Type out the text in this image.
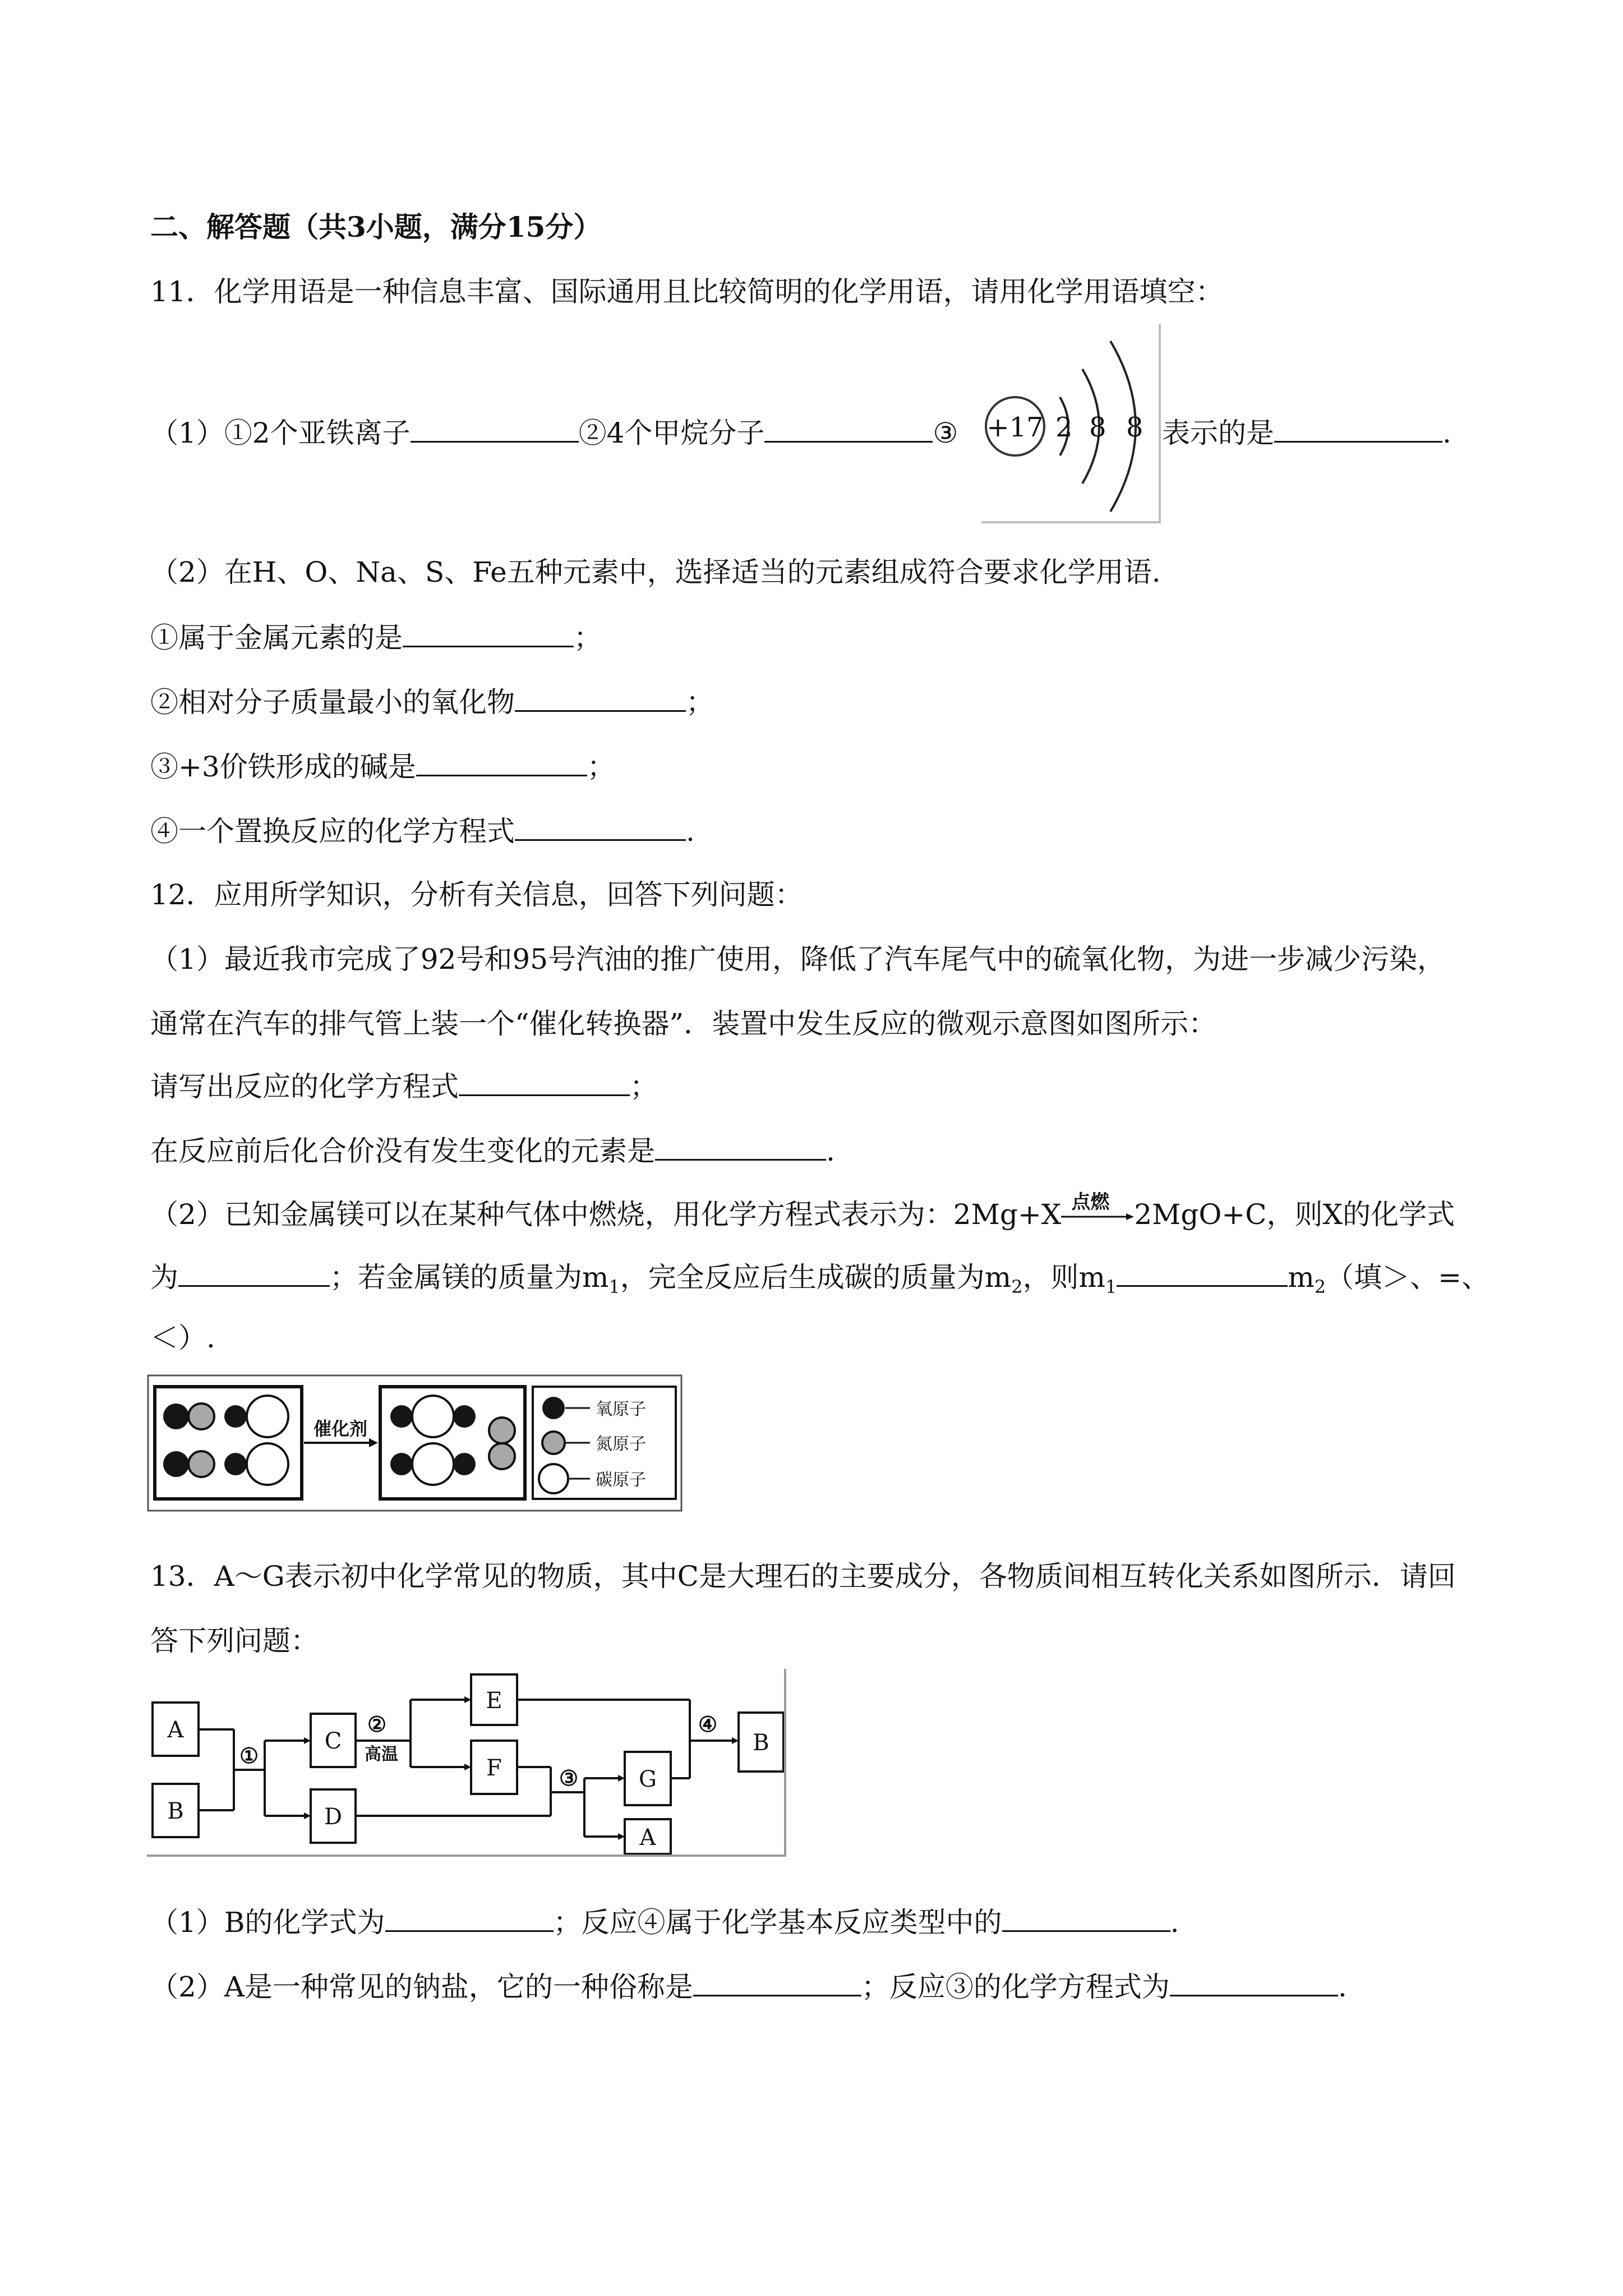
二、解答题（共3小题，满分15分）
11．化学用语是一种信息丰富、国际通用且比较简明的化学用语，请用化学用语填空：
（1）①2个亚铁离子	②4个甲烷分子	③ +17 2 8 8 表示的是	.
（2）在H、O、Na、S、Fe五种元素中，选择适当的元素组成符合要求化学用语.
①属于金属元素的是	；
②相对分子质量最小的氧化物	；
③+3价铁形成的碱是	；
④一个置换反应的化学方程式	.
12．应用所学知识，分析有关信息，回答下列问题：
（1）最近我市完成了92号和95号汽油的推广使用，降低了汽车尾气中的硫氧化物，为进一步减少污染，
通常在汽车的排气管上装一个“催化转换器”．装置中发生反应的微观示意图如图所示：
请写出反应的化学方程式	；
在反应前后化合价没有发生变化的元素是	.
（2）已知金属镁可以在某种气体中燃烧，用化学方程式表示为：2Mg+X 点燃 2MgO+C，则X的化学式
为	；若金属镁的质量为$m_1$，完全反应后生成碳的质量为$m_2$，则$m_1$	$m_2$（填＞、=、
＜）.
催化剂
氧原子
氮原子
碳原子
13．A～G表示初中化学常见的物质，其中C是大理石的主要成分，各物质间相互转化关系如图所示．请回
答下列问题：
A
B
C
D
E
F	G
A
B
①
②
③
④
高温
（1）B的化学式为	；反应④属于化学基本反应类型中的	.
（2）A是一种常见的钠盐，它的一种俗称是	；反应③的化学方程式为	.
